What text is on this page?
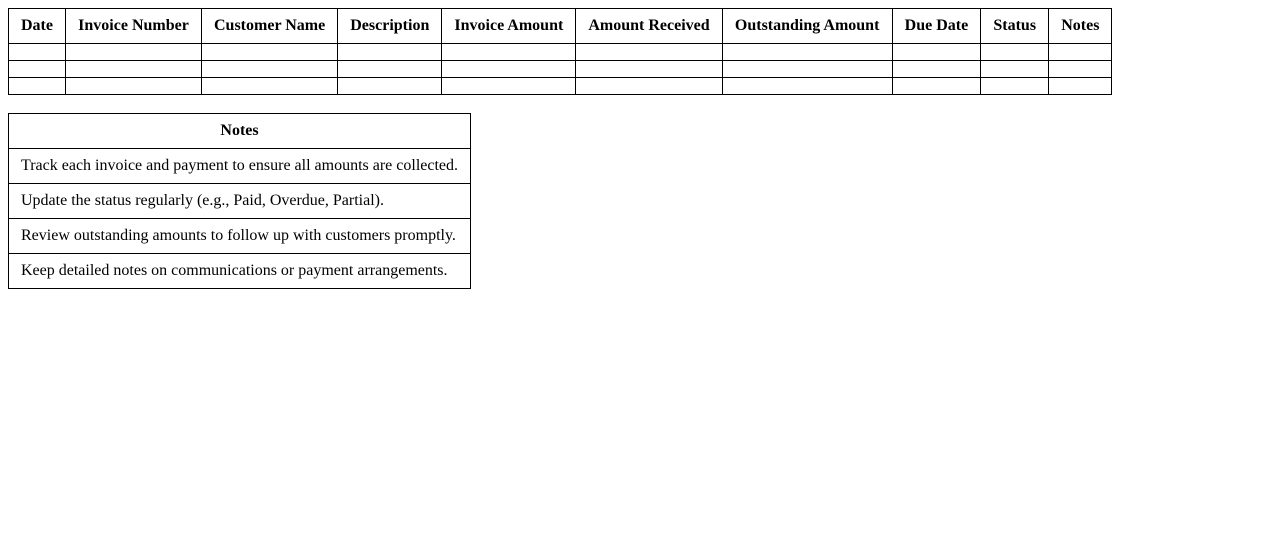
Date	Invoice Number	Customer Name	Description	Invoice Amount	Amount Received	Outstanding Amount	Due Date	Status	Notes

Notes
Track each invoice and payment to ensure all amounts are collected.
Update the status regularly (e.g., Paid, Overdue, Partial).
Review outstanding amounts to follow up with customers promptly.
Keep detailed notes on communications or payment arrangements.
